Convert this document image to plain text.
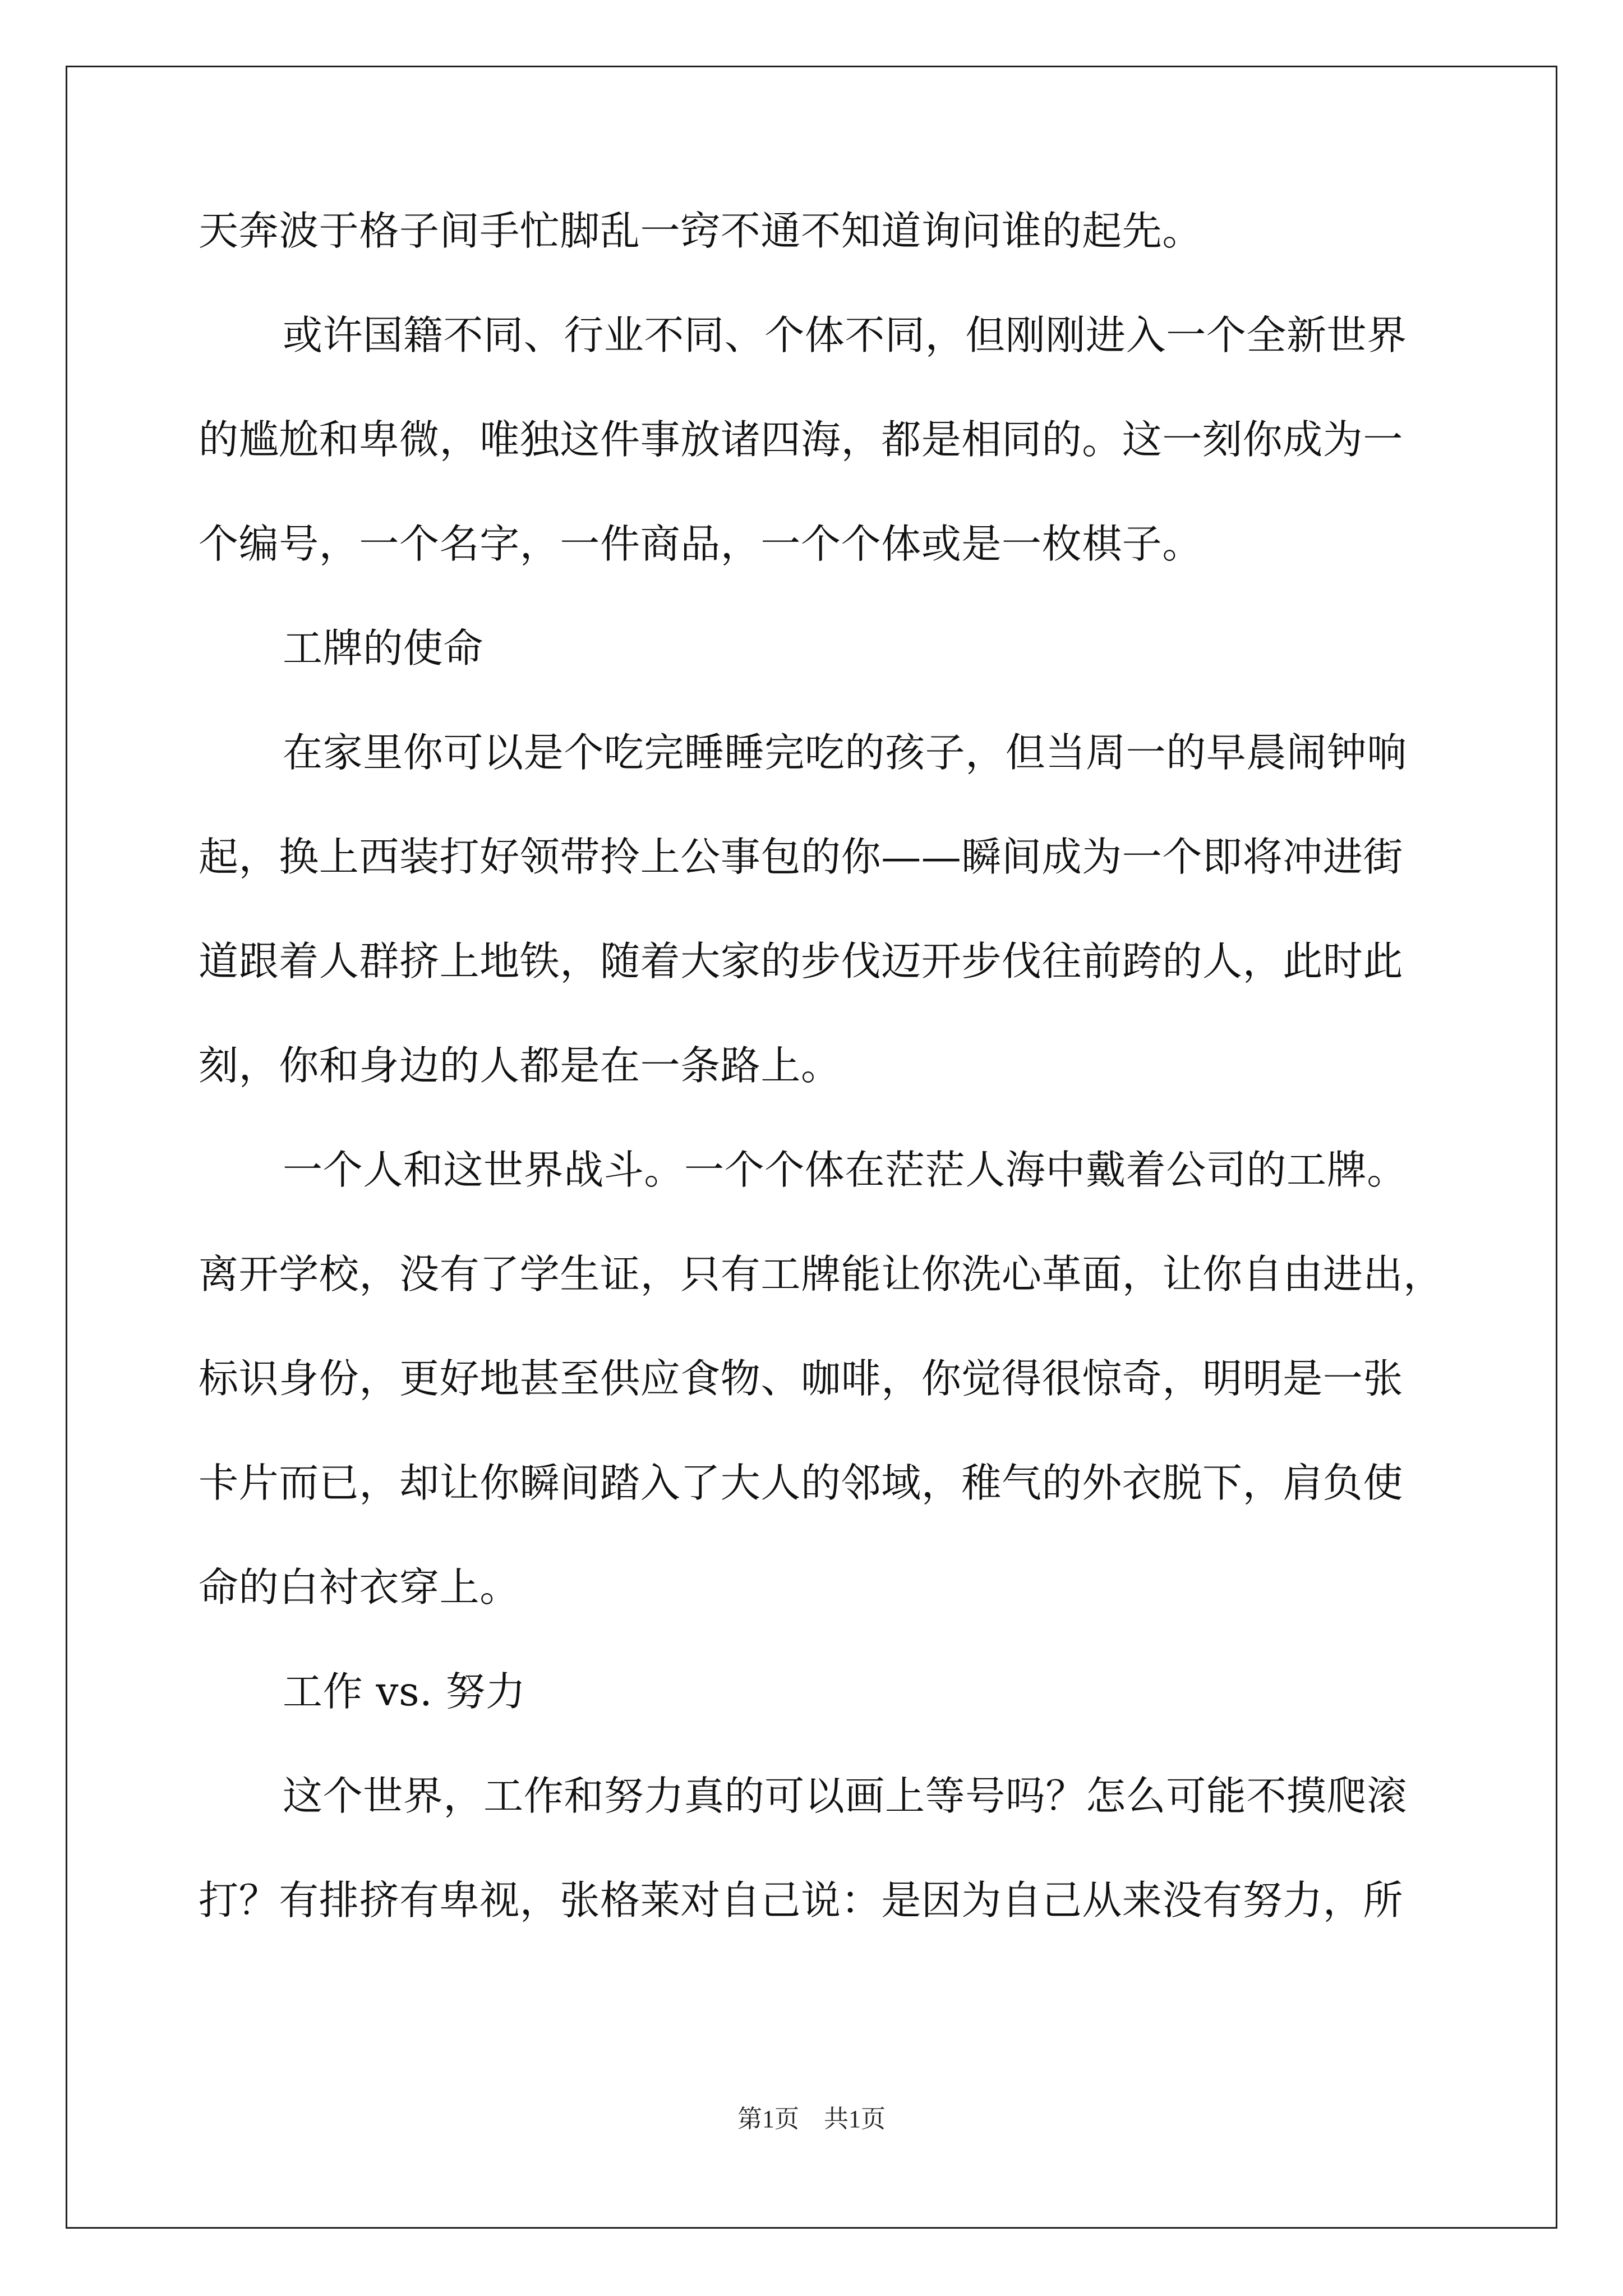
天奔波于格子间手忙脚乱一窍不通不知道询问谁的起先。
或许国籍不同、行业不同、个体不同，但刚刚进入一个全新世界
的尴尬和卑微，唯独这件事放诸四海，都是相同的。这一刻你成为一
个编号，一个名字，一件商品，一个个体或是一枚棋子。
工牌的使命
在家里你可以是个吃完睡睡完吃的孩子，但当周一的早晨闹钟响
起，换上西装打好领带拎上公事包的你——瞬间成为一个即将冲进街
道跟着人群挤上地铁，随着大家的步伐迈开步伐往前跨的人，此时此
刻，你和身边的人都是在一条路上。
一个人和这世界战斗。一个个体在茫茫人海中戴着公司的工牌。
离开学校，没有了学生证，只有工牌能让你洗心革面，让你自由进出，
标识身份，更好地甚至供应食物、咖啡，你觉得很惊奇，明明是一张
卡片而已，却让你瞬间踏入了大人的邻域，稚气的外衣脱下，肩负使
命的白衬衣穿上。
工作 vs. 努力
这个世界，工作和努力真的可以画上等号吗？怎么可能不摸爬滚
打？有排挤有卑视，张格莱对自己说：是因为自己从来没有努力，所
第1页　共1页
